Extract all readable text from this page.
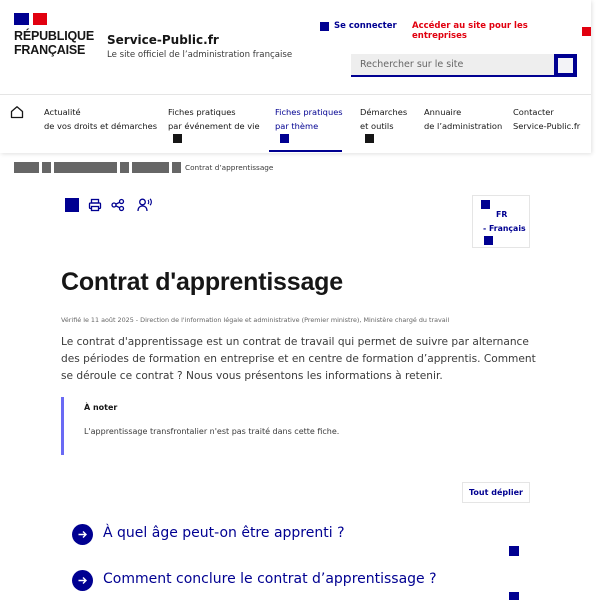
RÉPUBLIQUE
FRANÇAISE
Service-Public.fr
Le site officiel de l’administration française
Se connecter Accéder au site pour les entreprises
Rechercher sur le site
Actualité
de vos droits et démarches
Fiches pratiques
par événement de vie
Fiches pratiques
par thème
Démarches
et outils
Annuaire
de l’administration
Contacter
Service-Public.fr
Contrat d’apprentissage
FR
- Français
Contrat d'apprentissage
Vérifié le 11 août 2025 - Direction de l'information légale et administrative (Premier ministre), Ministère chargé du travail

Le contrat d'apprentissage est un contrat de travail qui permet de suivre par alternance des périodes de formation en entreprise et en centre de formation d’apprentis. Comment se déroule ce contrat ? Nous vous présentons les informations à retenir.

À noter
L'apprentissage transfrontalier n'est pas traité dans cette fiche.
Tout déplier
À quel âge peut-on être apprenti ?
Comment conclure le contrat d’apprentissage ?
